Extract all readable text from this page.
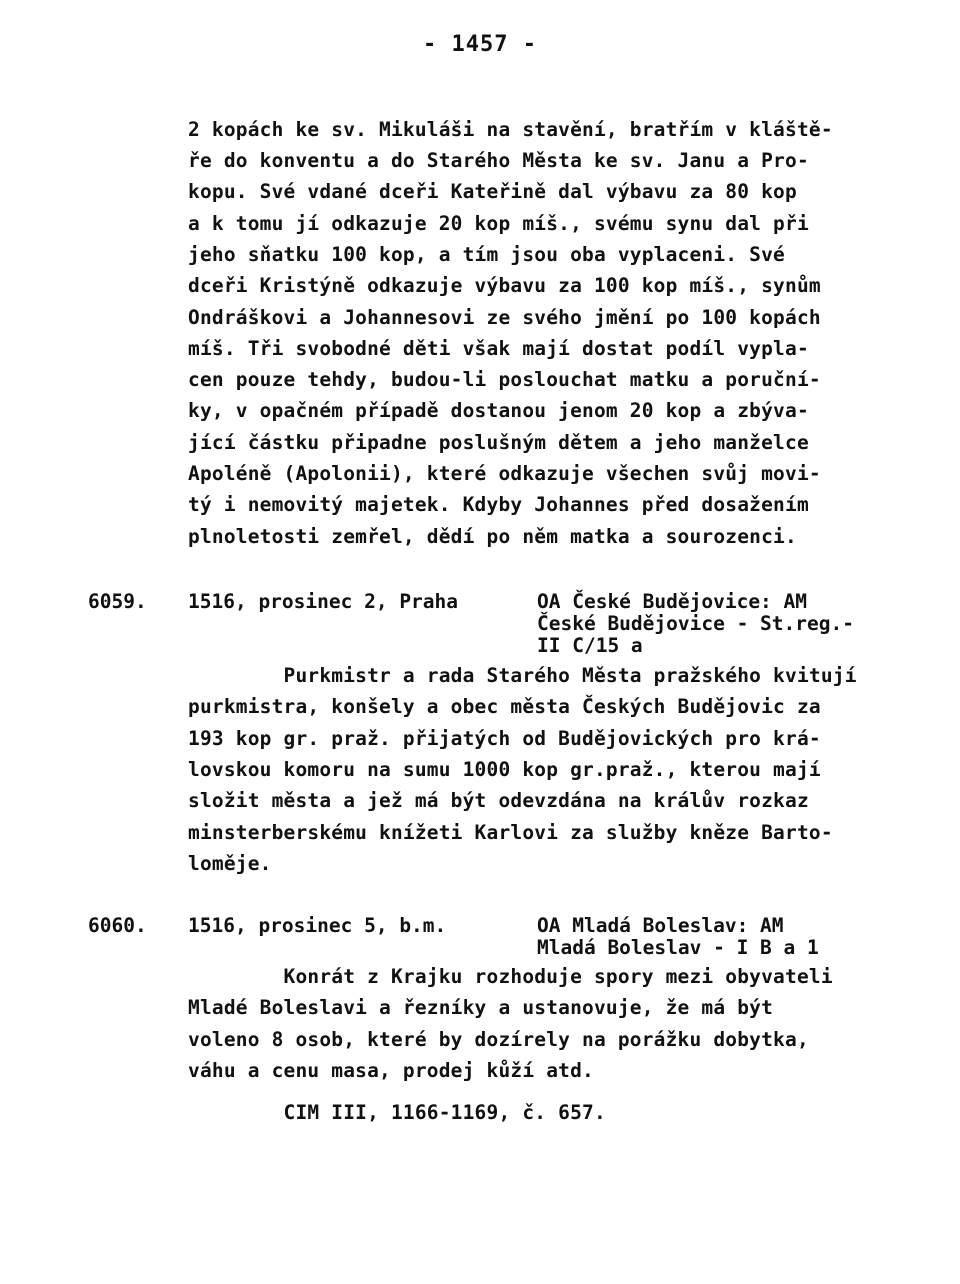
- 1457 -
2 kopách ke sv. Mikuláši na stavění, bratřím v kláště-
ře do konventu a do Starého Města ke sv. Janu a Pro-
kopu. Své vdané dceři Kateřině dal výbavu za 80 kop
a k tomu jí odkazuje 20 kop míš., svému synu dal při
jeho sňatku 100 kop, a tím jsou oba vyplaceni. Své
dceři Kristýně odkazuje výbavu za 100 kop míš., synům
Ondráškovi a Johannesovi ze svého jmění po 100 kopách
míš. Tři svobodné děti však mají dostat podíl vypla-
cen pouze tehdy, budou-li poslouchat matku a poruční-
ky, v opačném případě dostanou jenom 20 kop a zbýva-
jící částku připadne poslušným dětem a jeho manželce
Apoléně (Apolonii), které odkazuje všechen svůj movi-
tý i nemovitý majetek. Kdyby Johannes před dosažením
plnoletosti zemřel, dědí po něm matka a sourozenci.
6059. 1516, prosinec 2, Praha	OA České Budějovice: AM
České Budějovice - St.reg.-
II C/15 a
Purkmistr a rada Starého Města pražského kvitují
purkmistra, konšely a obec města Českých Budějovic za
193 kop gr. praž. přijatých od Budějovických pro krá-
lovskou komoru na sumu 1000 kop gr.praž., kterou mají
složit města a jež má být odevzdána na králův rozkaz
minsterberskému knížeti Karlovi za služby kněze Barto-
loměje.
6060. 1516, prosinec 5, b.m.	OA Mladá Boleslav: AM
Mladá Boleslav - I B a 1
Konrát z Krajku rozhoduje spory mezi obyvateli
Mladé Boleslavi a řezníky a ustanovuje, že má být
voleno 8 osob, které by dozírely na porážku dobytka,
váhu a cenu masa, prodej kůží atd.
CIM III, 1166-1169, č. 657.
